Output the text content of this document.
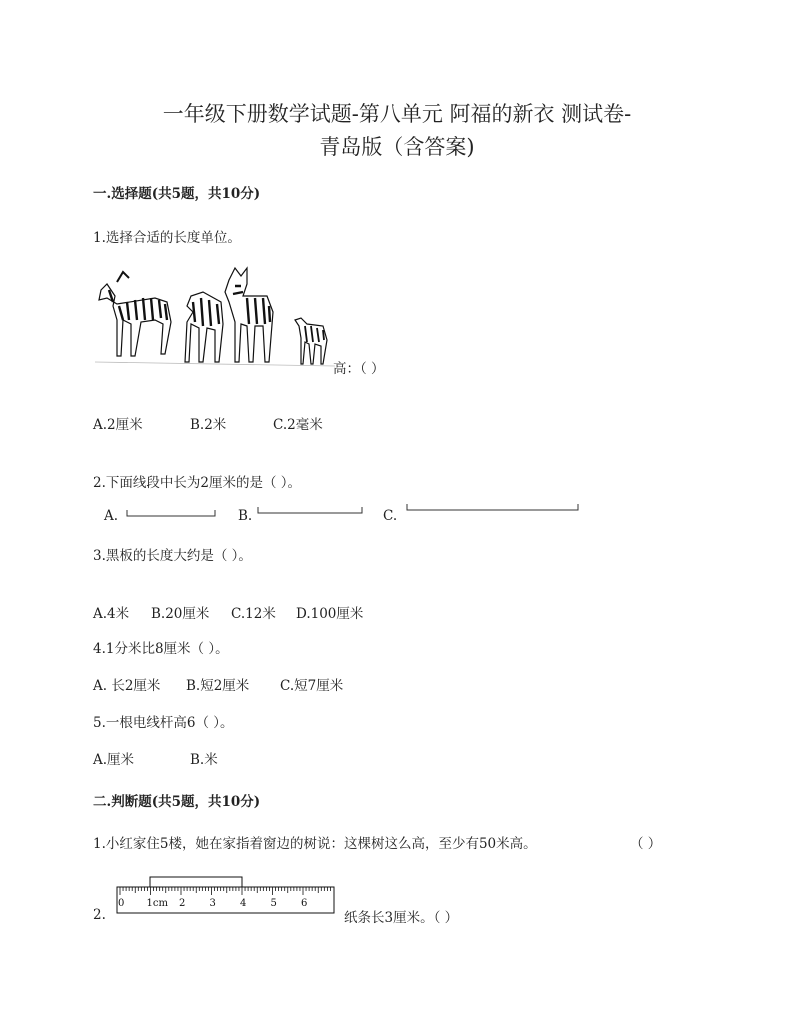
一年级下册数学试题-第八单元 阿福的新衣 测试卷-
青岛版（含答案)
一.选择题(共5题，共10分)
1.选择合适的长度单位。
高：（ ）
A.2厘米	B.2米	C.2毫米
2.下面线段中长为2厘米的是（ ）。
A.	B.	C.
3.黑板的长度大约是（ ）。
A.4米 B.20厘米 C.12米 D.100厘米
4.1分米比8厘米（ ）。
A. 长2厘米 B.短2厘米 C.短7厘米
5.一根电线杆高6（ ）。
A.厘米	B.米
二.判断题(共5题，共10分)
1.小红家住5楼，她在家指着窗边的树说：这棵树这么高，至少有50米高。	（ ）
2.
0 1cm 2 3 4 5 6
纸条长3厘米。（ ）
